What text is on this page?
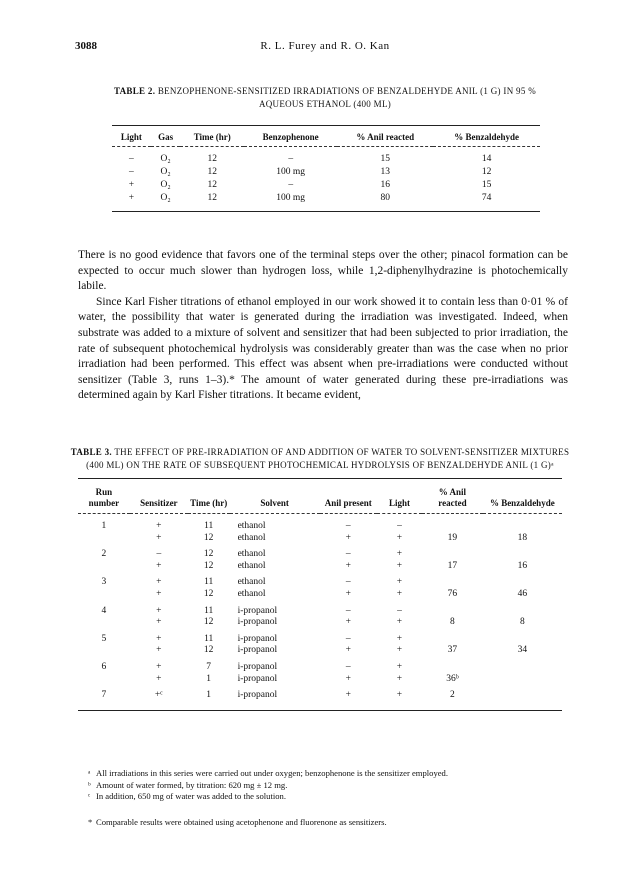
3088	R. L. Furey and R. O. Kan
TABLE 2. BENZOPHENONE-SENSITIZED IRRADIATIONS OF BENZALDEHYDE ANIL (1 G) IN 95 %
AQUEOUS ETHANOL (400 ML)
Light	Gas	Time (hr)	Benzophenone	% Anil reacted	% Benzaldehyde
–	O₂	12	–	15	14
–	O₂	12	100 mg	13	12
+	O₂	12	–	16	15
+	O₂	12	100 mg	80	74

There is no good evidence that favors one of the terminal steps over the other; pinacol formation can be expected to occur much slower than hydrogen loss, while 1,2-diphenylhydrazine is photochemically labile.

Since Karl Fisher titrations of ethanol employed in our work showed it to contain less than 0·01 % of water, the possibility that water is generated during the irradiation was investigated. Indeed, when substrate was added to a mixture of solvent and sensitizer that had been subjected to prior irradiation, the rate of subsequent photochemical hydrolysis was considerably greater than was the case when no prior irradiation had been performed. This effect was absent when pre-irradiations were conducted without sensitizer (Table 3, runs 1–3).* The amount of water generated during these pre-irradiations was determined again by Karl Fisher titrations. It became evident,

TABLE 3. THE EFFECT OF PRE-IRRADIATION OF AND ADDITION OF WATER TO SOLVENT-SENSITIZER MIXTURES
(400 ML) ON THE RATE OF SUBSEQUENT PHOTOCHEMICAL HYDROLYSIS OF BENZALDEHYDE ANIL (1 G)ᵃ
Run number	Sensitizer	Time (hr)	Solvent	Anil present	Light	% Anil reacted	% Benzaldehyde
1	+	11	ethanol	–	–		
	+	12	ethanol	+	+	19	18
2	–	12	ethanol	–	+		
	+	12	ethanol	+	+	17	16
3	+	11	ethanol	–	+		
	+	12	ethanol	+	+	76	46
4	+	11	i-propanol	–	–		
	+	12	i-propanol	+	+	8	8
5	+	11	i-propanol	–	+		
	+	12	i-propanol	+	+	37	34
6	+	7	i-propanol	–	+		
	+	1	i-propanol	+	+	36ᵇ	
7	+ᶜ	1	i-propanol	+	+	2	

ᵃ All irradiations in this series were carried out under oxygen; benzophenone is the sensitizer employed.

ᵇ Amount of water formed, by titration: 620 mg ± 12 mg.

ᶜ In addition, 650 mg of water was added to the solution.

* Comparable results were obtained using acetophenone and fluorenone as sensitizers.
